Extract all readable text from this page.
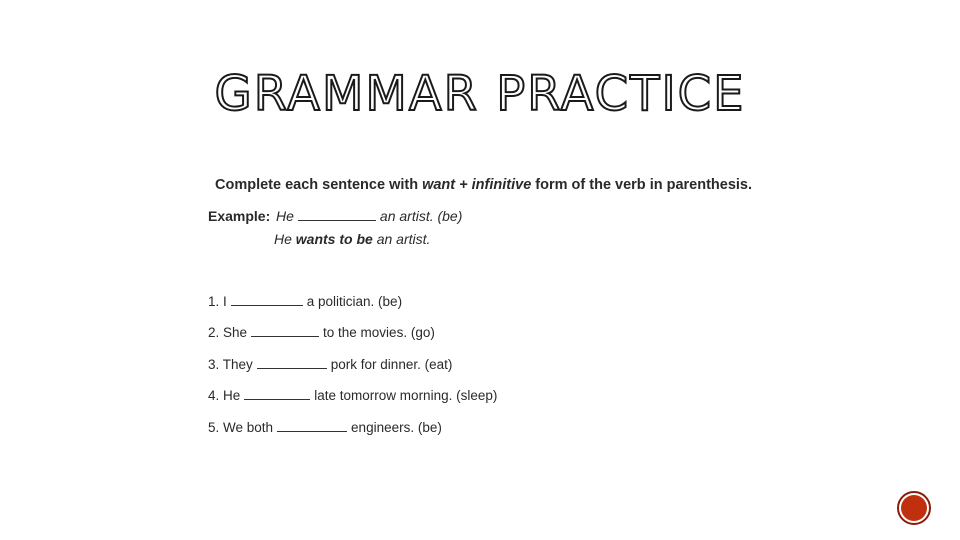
GRAMMAR PRACTICE
Complete each sentence with want + infinitive form of the verb in parenthesis.
Example: He	an artist. (be)
He wants to be an artist.
1. I	a politician. (be)
2. She	to the movies. (go)
3. They	pork for dinner. (eat)
4. He	late tomorrow morning. (sleep)
5. We both	engineers. (be)
